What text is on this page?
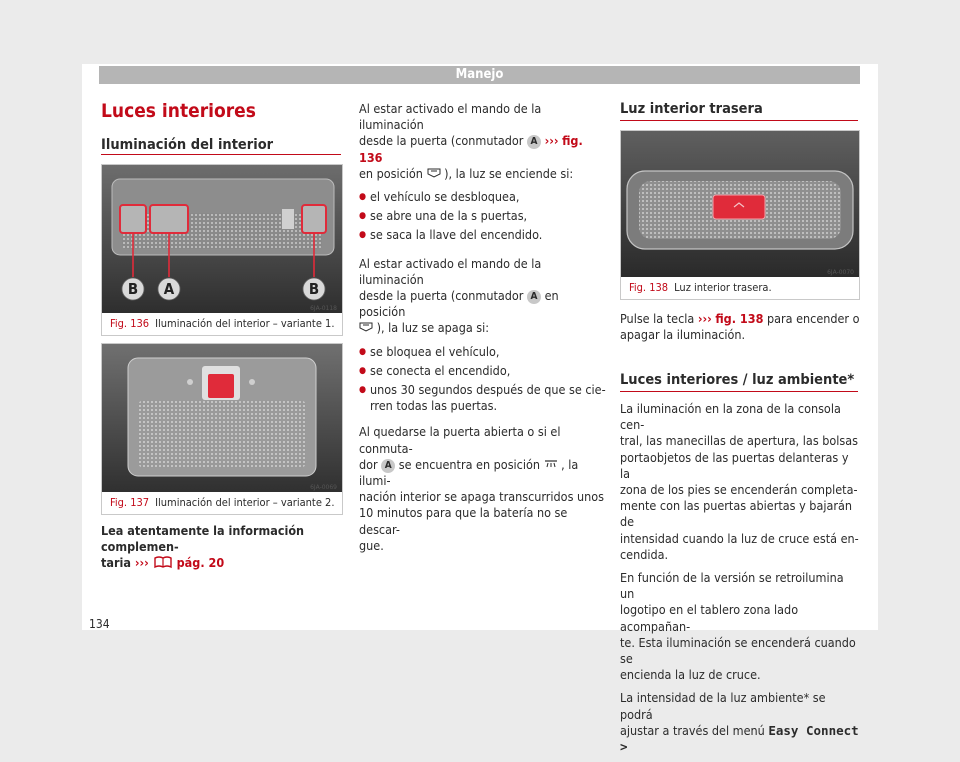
Manejo
Luces interiores
Iluminación del interior
B A	B
6JA-0118
Fig. 136 Iluminación del interior – variante 1.
6JA-0069
Fig. 137 Iluminación del interior – variante 2.
Lea atentamente la información complemen-
taria ››› pág. 20

Al estar activado el mando de la iluminación
desde la puerta (conmutador A ››› fig. 136
en posición ), la luz se enciende si:

● el vehículo se desbloquea,
● se abre una de la s puertas,
● se saca la llave del encendido.

Al estar activado el mando de la iluminación
desde la puerta (conmutador A en posición
), la luz se apaga si:

● se bloquea el vehículo,
● se conecta el encendido,
● unos 30 segundos después de que se cie-
rren todas las puertas.

Al quedarse la puerta abierta o si el conmuta-
dor A se encuentra en posición , la ilumi-
nación interior se apaga transcurridos unos
10 minutos para que la batería no se descar-
gue.

Luz interior trasera
6JA-0070
Fig. 138 Luz interior trasera.

Pulse la tecla ››› fig. 138 para encender o
apagar la iluminación.

Luces interiores / luz ambiente*

La iluminación en la zona de la consola cen-
tral, las manecillas de apertura, las bolsas
portaobjetos de las puertas delanteras y la
zona de los pies se encenderán completa-
mente con las puertas abiertas y bajarán de
intensidad cuando la luz de cruce está en-
cendida.

En función de la versión se retroilumina un
logotipo en el tablero zona lado acompañan-
te. Esta iluminación se encenderá cuando se
encienda la luz de cruce.

La intensidad de la luz ambiente* se podrá
ajustar a través del menú Easy Connect >

134
